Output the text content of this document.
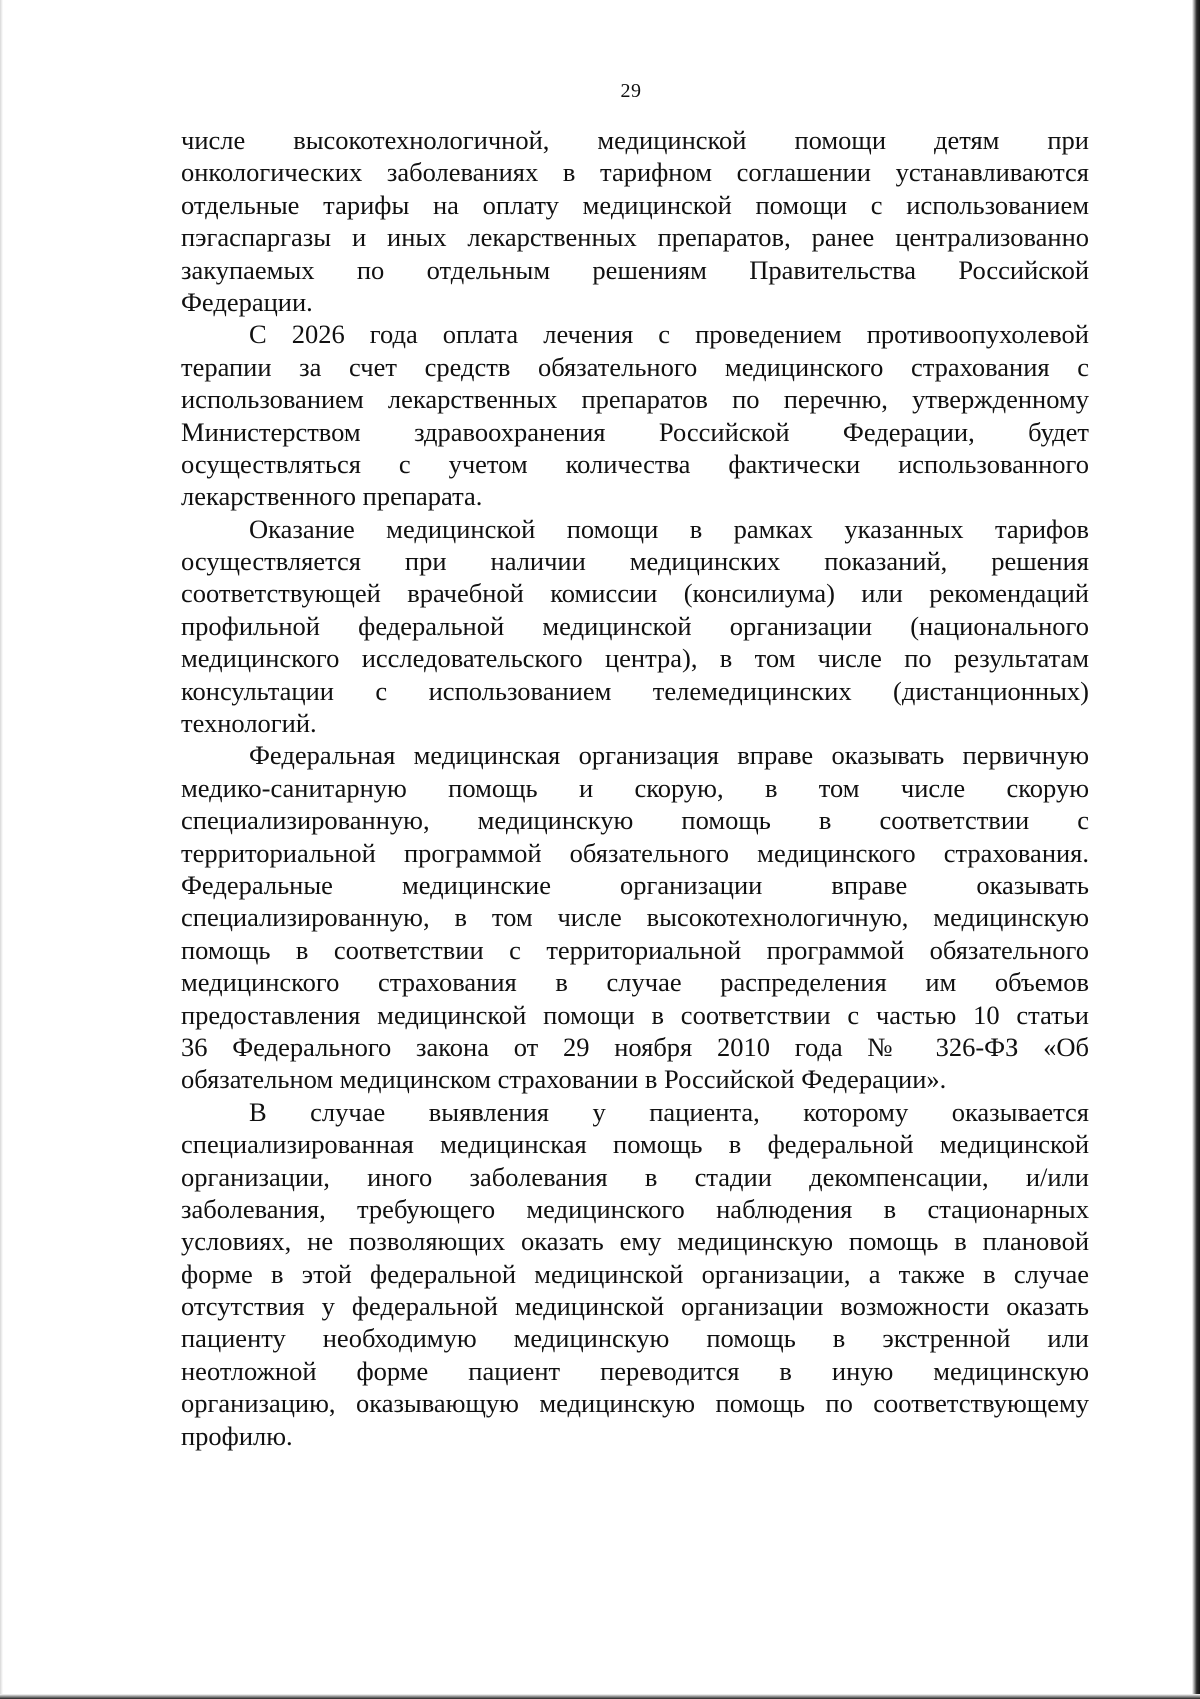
29
числе высокотехнологичной, медицинской помощи детям при
онкологических заболеваниях в тарифном соглашении устанавливаются
отдельные тарифы на оплату медицинской помощи с использованием
пэгаспаргазы и иных лекарственных препаратов, ранее централизованно
закупаемых по отдельным решениям Правительства Российской
Федерации.
С 2026 года оплата лечения с проведением противоопухолевой
терапии за счет средств обязательного медицинского страхования с
использованием лекарственных препаратов по перечню, утвержденному
Министерством здравоохранения Российской Федерации, будет
осуществляться с учетом количества фактически использованного
лекарственного препарата.
Оказание медицинской помощи в рамках указанных тарифов
осуществляется при наличии медицинских показаний, решения
соответствующей врачебной комиссии (консилиума) или рекомендаций
профильной федеральной медицинской организации (национального
медицинского исследовательского центра), в том числе по результатам
консультации с использованием телемедицинских (дистанционных)
технологий.
Федеральная медицинская организация вправе оказывать первичную
медико-санитарную помощь и скорую, в том числе скорую
специализированную, медицинскую помощь в соответствии с
территориальной программой обязательного медицинского страхования.
Федеральные медицинские организации вправе оказывать
специализированную, в том числе высокотехнологичную, медицинскую
помощь в соответствии с территориальной программой обязательного
медицинского страхования в случае распределения им объемов
предоставления медицинской помощи в соответствии с частью 10 статьи
36 Федерального закона от 29 ноября 2010 года № 326-ФЗ «Об
обязательном медицинском страховании в Российской Федерации».
В случае выявления у пациента, которому оказывается
специализированная медицинская помощь в федеральной медицинской
организации, иного заболевания в стадии декомпенсации, и/или
заболевания, требующего медицинского наблюдения в стационарных
условиях, не позволяющих оказать ему медицинскую помощь в плановой
форме в этой федеральной медицинской организации, а также в случае
отсутствия у федеральной медицинской организации возможности оказать
пациенту необходимую медицинскую помощь в экстренной или
неотложной форме пациент переводится в иную медицинскую
организацию, оказывающую медицинскую помощь по соответствующему
профилю.
